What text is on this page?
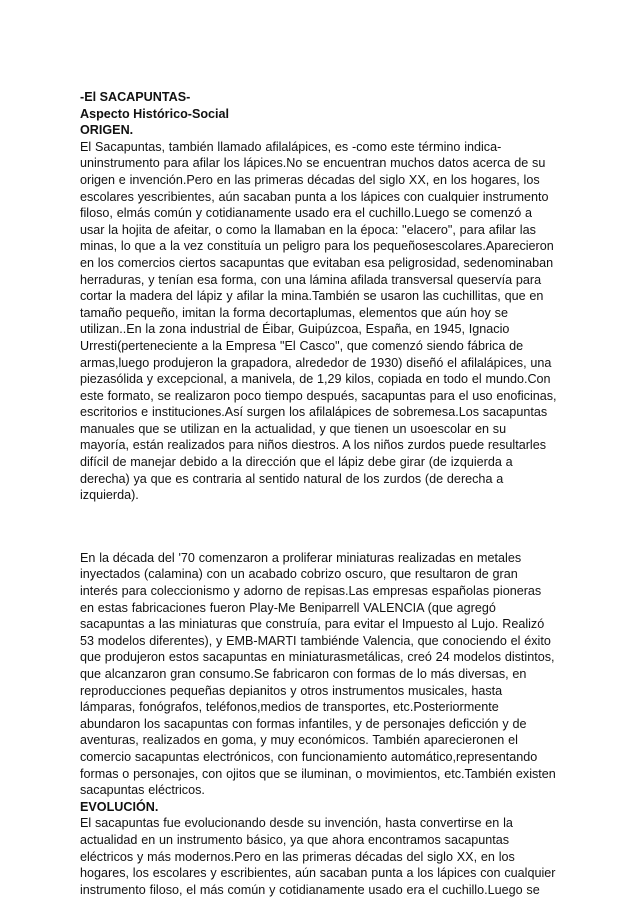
-El SACAPUNTAS-

Aspecto Histórico-Social

ORIGEN.

El Sacapuntas, también llamado afilalápices, es -como este término indica- uninstrumento para afilar los lápices.No se encuentran muchos datos acerca de su origen e invención.Pero en las primeras décadas del siglo XX, en los hogares, los escolares yescribientes, aún sacaban punta a los lápices con cualquier instrumento filoso, elmás común y cotidianamente usado era el cuchillo.Luego se comenzó a usar la hojita de afeitar, o como la llamaban en la época: "elacero", para afilar las minas, lo que a la vez constituía un peligro para los pequeñosescolares.Aparecieron en los comercios ciertos sacapuntas que evitaban esa peligrosidad, sedenominaban herraduras, y tenían esa forma, con una lámina afilada transversal queservía para cortar la madera del lápiz y afilar la mina.También se usaron las cuchillitas, que en tamaño pequeño, imitan la forma decortaplumas, elementos que aún hoy se utilizan..En la zona industrial de Éibar, Guipúzcoa, España, en 1945, Ignacio Urresti(perteneciente a la Empresa "El Casco", que comenzó siendo fábrica de armas,luego produjeron la grapadora, alrededor de 1930) diseñó el afilalápices, una piezasólida y excepcional, a manivela, de 1,29 kilos, copiada en todo el mundo.Con este formato, se realizaron poco tiempo después, sacapuntas para el uso enoficinas, escritorios e instituciones.Así surgen los afilalápices de sobremesa.Los sacapuntas manuales que se utilizan en la actualidad, y que tienen un usoescolar en su mayoría, están realizados para niños diestros. A los niños zurdos puede resultarles difícil de manejar debido a la dirección que el lápiz debe girar (de izquierda a derecha) ya que es contraria al sentido natural de los zurdos (de derecha a izquierda).

En la década del '70 comenzaron a proliferar miniaturas realizadas en metales inyectados (calamina) con un acabado cobrizo oscuro, que resultaron de gran interés para coleccionismo y adorno de repisas.Las empresas españolas pioneras en estas fabricaciones fueron Play-Me Beniparrell VALENCIA (que agregó sacapuntas a las miniaturas que construía, para evitar el Impuesto al Lujo. Realizó 53 modelos diferentes), y EMB-MARTI tambiénde Valencia, que conociendo el éxito que produjeron estos sacapuntas en miniaturasmetálicas, creó 24 modelos distintos, que alcanzaron gran consumo.Se fabricaron con formas de lo más diversas, en reproducciones pequeñas depianitos y otros instrumentos musicales, hasta lámparas, fonógrafos, teléfonos,medios de transportes, etc.Posteriormente abundaron los sacapuntas con formas infantiles, y de personajes deficción y de aventuras, realizados en goma, y muy económicos. También aparecieronen el comercio sacapuntas electrónicos, con funcionamiento automático,representando formas o personajes, con ojitos que se iluminan, o movimientos, etc.También existen sacapuntas eléctricos.

EVOLUCIÓN.

El sacapuntas fue evolucionando desde su invención, hasta convertirse en la actualidad en un instrumento básico, ya que ahora encontramos sacapuntas eléctricos y más modernos.Pero en las primeras décadas del siglo XX, en los hogares, los escolares y escribientes, aún sacaban punta a los lápices con cualquier instrumento filoso, el más común y cotidianamente usado era el cuchillo.Luego se
